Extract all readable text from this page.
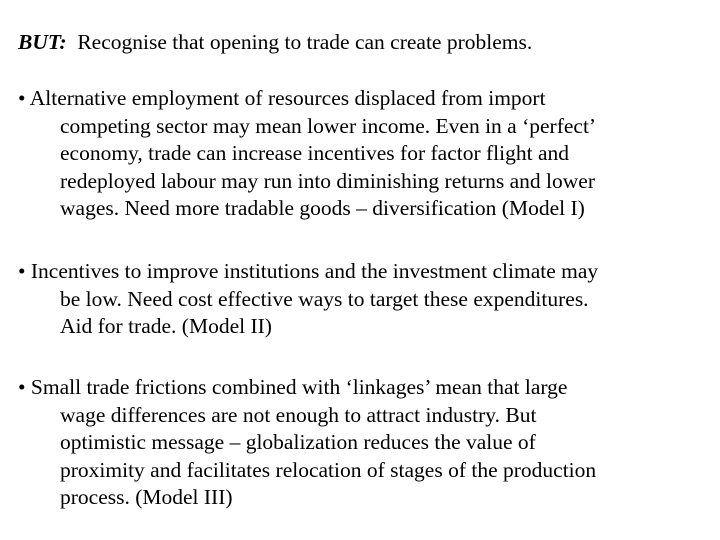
BUT: Recognise that opening to trade can create problems.
• Alternative employment of resources displaced from import
competing sector may mean lower income. Even in a ‘perfect’
economy, trade can increase incentives for factor flight and
redeployed labour may run into diminishing returns and lower
wages. Need more tradable goods – diversification (Model I)
• Incentives to improve institutions and the investment climate may
be low. Need cost effective ways to target these expenditures.
Aid for trade. (Model II)
• Small trade frictions combined with ‘linkages’ mean that large
wage differences are not enough to attract industry. But
optimistic message – globalization reduces the value of
proximity and facilitates relocation of stages of the production
process. (Model III)
